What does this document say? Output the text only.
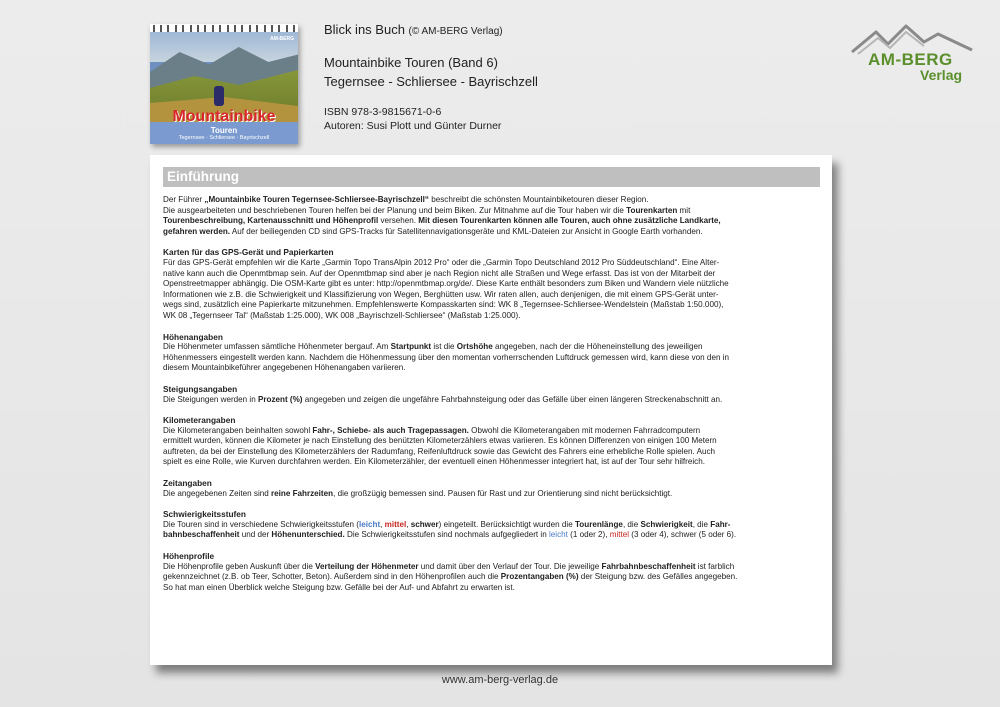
AM-BERG
Mountainbike
Touren
Tegernsee · Schliersee · Bayrischzell
Blick ins Buch (© AM-BERG Verlag)
Mountainbike Touren (Band 6)
Tegernsee - Schliersee - Bayrischzell
ISBN 978-3-9815671-0-6
Autoren: Susi Plott und Günter Durner
AM-BERG
Verlag
Einführung

Der Führer „Mountainbike Touren Tegernsee-Schliersee-Bayrischzell“ beschreibt die schönsten Mountainbiketouren dieser Region.

Die ausgearbeiteten und beschriebenen Touren helfen bei der Planung und beim Biken. Zur Mitnahme auf die Tour haben wir die Tourenkarten mit

Tourenbeschreibung, Kartenausschnitt und Höhenprofil versehen. Mit diesen Tourenkarten können alle Touren, auch ohne zusätzliche Landkarte,

gefahren werden. Auf der beiliegenden CD sind GPS-Tracks für Satellitennavigationsgeräte und KML-Dateien zur Ansicht in Google Earth vorhanden.

Karten für das GPS-Gerät und Papierkarten

Für das GPS-Gerät empfehlen wir die Karte „Garmin Topo TransAlpin 2012 Pro“ oder die „Garmin Topo Deutschland 2012 Pro Süddeutschland“. Eine Alter-

native kann auch die Openmtbmap sein. Auf der Openmtbmap sind aber je nach Region nicht alle Straßen und Wege erfasst. Das ist von der Mitarbeit der

Openstreetmapper abhängig. Die OSM-Karte gibt es unter: http://openmtbmap.org/de/. Diese Karte enthält besonders zum Biken und Wandern viele nützliche

Informationen wie z.B. die Schwierigkeit und Klassifizierung von Wegen, Berghütten usw. Wir raten allen, auch denjenigen, die mit einem GPS-Gerät unter-

wegs sind, zusätzlich eine Papierkarte mitzunehmen. Empfehlenswerte Kompasskarten sind: WK 8 „Tegernsee-Schliersee-Wendelstein (Maßstab 1:50.000),

WK 08 „Tegernseer Tal“ (Maßstab 1:25.000), WK 008 „Bayrischzell-Schliersee“ (Maßstab 1:25.000).

Höhenangaben

Die Höhenmeter umfassen sämtliche Höhenmeter bergauf. Am Startpunkt ist die Ortshöhe angegeben, nach der die Höheneinstellung des jeweiligen

Höhenmessers eingestellt werden kann. Nachdem die Höhenmessung über den momentan vorherrschenden Luftdruck gemessen wird, kann diese von den in

diesem Mountainbikeführer angegebenen Höhenangaben variieren.

Steigungsangaben

Die Steigungen werden in Prozent (%) angegeben und zeigen die ungefähre Fahrbahnsteigung oder das Gefälle über einen längeren Streckenabschnitt an.

Kilometerangaben

Die Kilometerangaben beinhalten sowohl Fahr-, Schiebe- als auch Tragepassagen. Obwohl die Kilometerangaben mit modernen Fahrradcomputern

ermittelt wurden, können die Kilometer je nach Einstellung des benützten Kilometerzählers etwas variieren. Es können Differenzen von einigen 100 Metern

auftreten, da bei der Einstellung des Kilometerzählers der Radumfang, Reifenluftdruck sowie das Gewicht des Fahrers eine erhebliche Rolle spielen. Auch

spielt es eine Rolle, wie Kurven durchfahren werden. Ein Kilometerzähler, der eventuell einen Höhenmesser integriert hat, ist auf der Tour sehr hilfreich.

Zeitangaben

Die angegebenen Zeiten sind reine Fahrzeiten, die großzügig bemessen sind. Pausen für Rast und zur Orientierung sind nicht berücksichtigt.

Schwierigkeitsstufen

Die Touren sind in verschiedene Schwierigkeitsstufen (leicht, mittel, schwer) eingeteilt. Berücksichtigt wurden die Tourenlänge, die Schwierigkeit, die Fahr-

bahnbeschaffenheit und der Höhenunterschied. Die Schwierigkeitsstufen sind nochmals aufgegliedert in leicht (1 oder 2), mittel (3 oder 4), schwer (5 oder 6).

Höhenprofile

Die Höhenprofile geben Auskunft über die Verteilung der Höhenmeter und damit über den Verlauf der Tour. Die jeweilige Fahrbahnbeschaffenheit ist farblich

gekennzeichnet (z.B. ob Teer, Schotter, Beton). Außerdem sind in den Höhenprofilen auch die Prozentangaben (%) der Steigung bzw. des Gefälles angegeben.

So hat man einen Überblick welche Steigung bzw. Gefälle bei der Auf- und Abfahrt zu erwarten ist.

www.am-berg-verlag.de
